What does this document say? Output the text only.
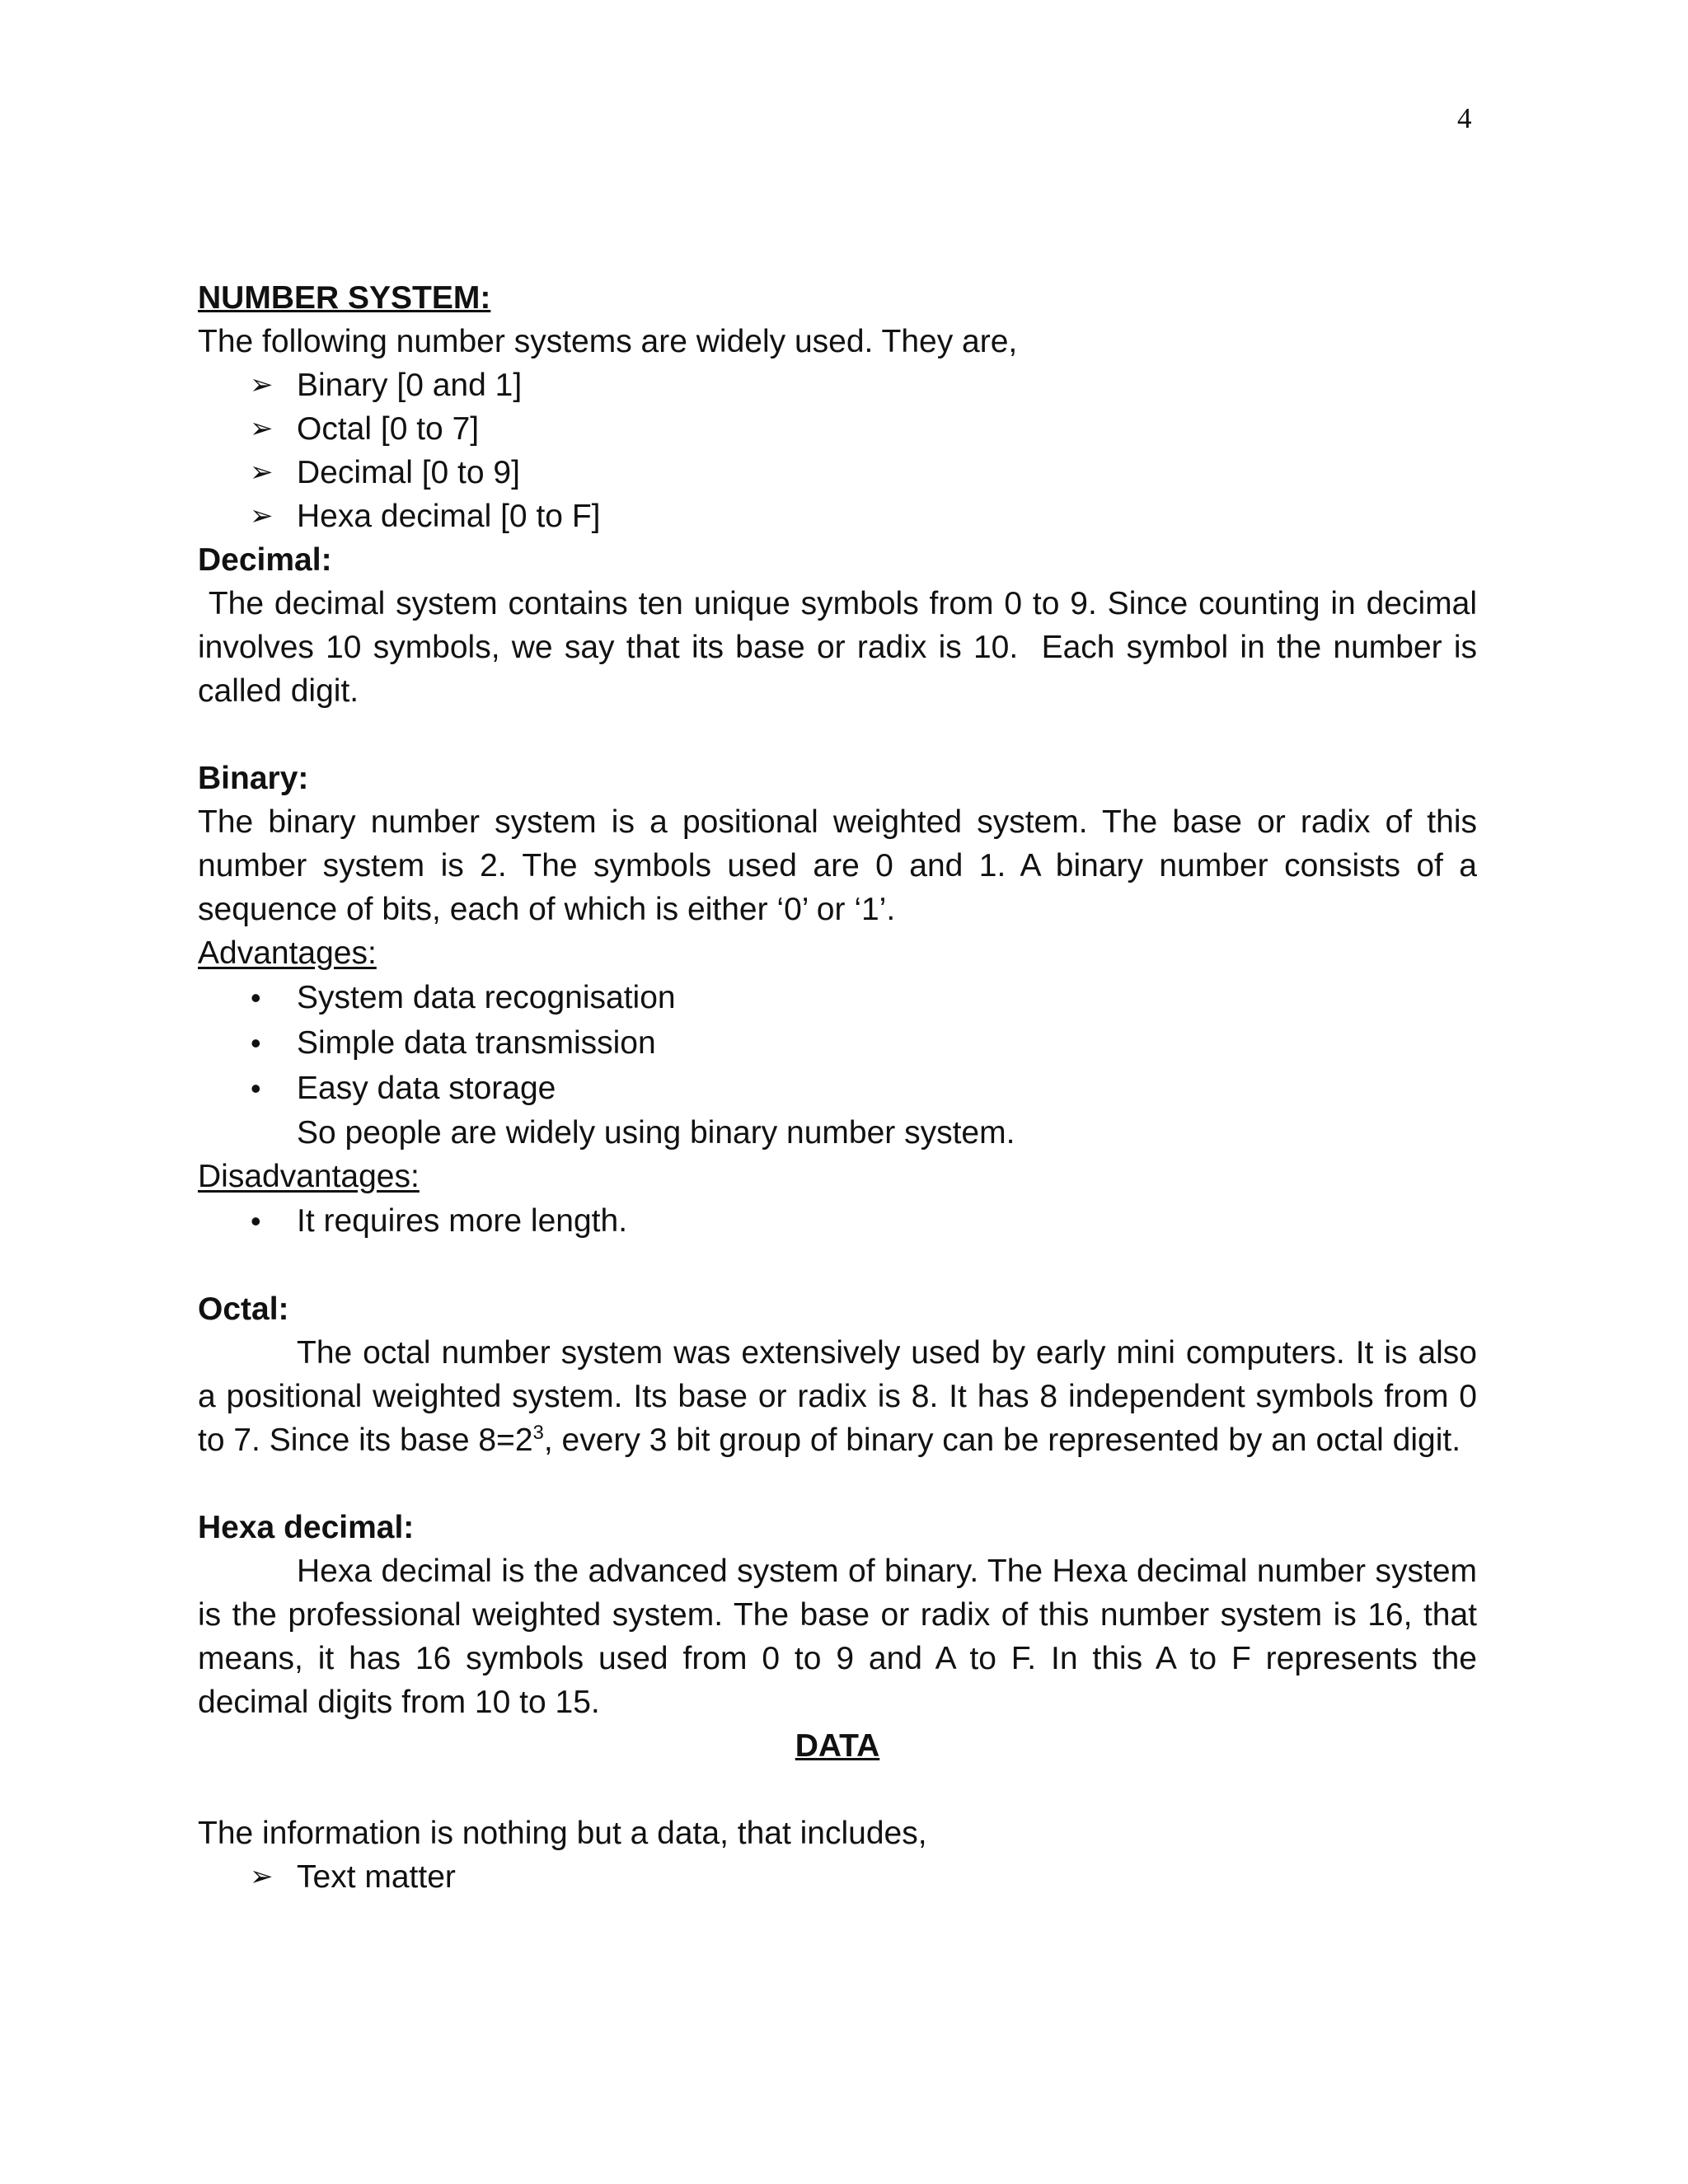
4
NUMBER SYSTEM:
The following number systems are widely used. They are,
➢ Binary [0 and 1]
➢ Octal [0 to 7]
➢ Decimal [0 to 9]
➢ Hexa decimal [0 to F]
Decimal:

The decimal system contains ten unique symbols from 0 to 9. Since counting in decimal involves 10 symbols, we say that its base or radix is 10.  Each symbol in the number is called digit.

Binary:

The binary number system is a positional weighted system. The base or radix of this number system is 2. The symbols used are 0 and 1. A binary number consists of a sequence of bits, each of which is either ‘0’ or ‘1’.

Advantages:
• System data recognisation
• Simple data transmission
• Easy data storage
So people are widely using binary number system.
Disadvantages:
• It requires more length.
Octal:

The octal number system was extensively used by early mini computers. It is also a positional weighted system. Its base or radix is 8. It has 8 independent symbols from 0 to 7. Since its base $8=2^3$, every 3 bit group of binary can be represented by an octal digit.

Hexa decimal:

Hexa decimal is the advanced system of binary. The Hexa decimal number system is the professional weighted system. The base or radix of this number system is 16, that means, it has 16 symbols used from 0 to 9 and A to F. In this A to F represents the decimal digits from 10 to 15.

DATA
The information is nothing but a data, that includes,
➢ Text matter
